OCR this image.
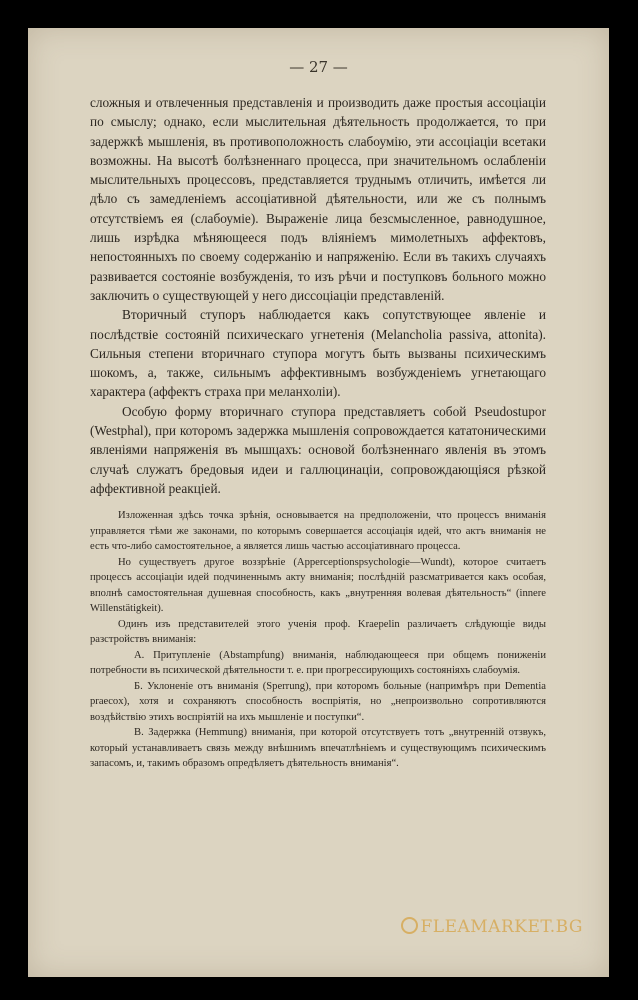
— 27 —

сложныя и отвлеченныя представленія и производить даже простыя ассоціаціи по смыслу; однако, если мыслительная дѣятельность продолжается, то при задержкѣ мышленія, въ противоположность слабоумію, эти ассоціаціи всетаки возможны. На высотѣ болѣзненнаго процесса, при значительномъ ослабленіи мыслительныхъ процессовъ, представляется труднымъ отличить, имѣется ли дѣло съ замедленіемъ ассоціативной дѣятельности, или же съ полнымъ отсутствіемъ ея (слабоуміе). Выраженіе лица безсмысленное, равнодушное, лишь изрѣдка мѣняющееся подъ вліяніемъ мимолетныхъ аффектовъ, непостоянныхъ по своему содержанію и напряженію. Если въ такихъ случаяхъ развивается состояніе возбужденія, то изъ рѣчи и поступковъ больного можно заключить о существующей у него диссоціаціи представленій.

Вторичный ступоръ наблюдается какъ сопутствующее явленіе и послѣдствіе состояній психическаго угнетенія (Melancholia passiva, attonita). Сильныя степени вторичнаго ступора могутъ быть вызваны психическимъ шокомъ, а, также, сильнымъ аффективнымъ возбужденіемъ угнетающаго характера (аффектъ страха при меланхоліи).

Особую форму вторичнаго ступора представляетъ собой Pseudostupor (Westphal), при которомъ задержка мышленія сопровождается кататоническими явленіями напряженія въ мышцахъ: основой болѣзненнаго явленія въ этомъ случаѣ служатъ бредовыя идеи и галлюцинаціи, сопровождающіяся рѣзкой аффективной реакціей.

Изложенная здѣсь точка зрѣнія, основывается на предположеніи, что процессъ вниманія управляется тѣми же законами, по которымъ совершается ассоціація идей, что актъ вниманія не есть что-либо самостоятельное, а является лишь частью ассоціативнаго процесса.

Но существуетъ другое воззрѣніе (Apperceptionspsychologie—Wundt), которое считаетъ процессъ ассоціаціи идей подчиненнымъ акту вниманія; послѣдній разсматривается какъ особая, вполнѣ самостоятельная душевная способность, какъ „внутренняя волевая дѣятельность“ (innere Willenstätigkeit).

Одинъ изъ представителей этого ученія проф. Kraepelin различаетъ слѣдующіе виды разстройствъ вниманія:

А. Притупленіе (Abstampfung) вниманія, наблюдающееся при общемъ пониженіи потребности въ психической дѣятельности т. е. при прогрессирующихъ состояніяхъ слабоумія.

Б. Уклоненіе отъ вниманія (Sperrung), при которомъ больные (напримѣръ при Dementia praecox), хотя и сохраняютъ способность воспріятія, но „непроизвольно сопротивляются воздѣйствію этихъ воспріятій на ихъ мышленіе и поступки“.

В. Задержка (Hemmung) вниманія, при которой отсутствуетъ тотъ „внутренній отзвукъ, который устанавливаетъ связь между внѣшнимъ впечатлѣніемъ и существующимъ психическимъ запасомъ, и, такимъ образомъ опредѣляетъ дѣятельность вниманія“.

FLEAMARKET.BG
